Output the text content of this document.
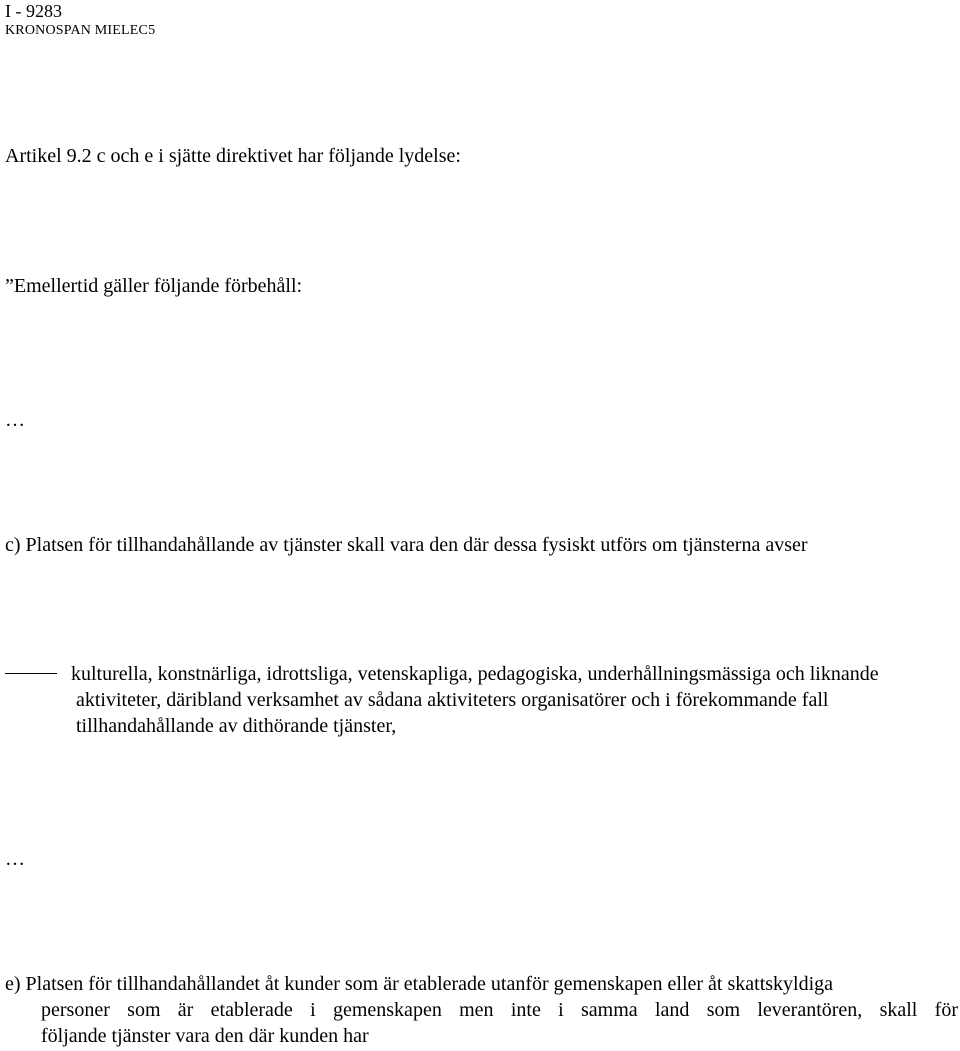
I - 9283
KRONOSPAN MIELEC5
Artikel 9.2 c och e i sjätte direktivet har följande lydelse:
”Emellertid gäller följande förbehåll:
…
c) Platsen för tillhandahållande av tjänster skall vara den där dessa fysiskt utförs om tjänsterna avser
kulturella, konstnärliga, idrottsliga, vetenskapliga, pedagogiska, underhållningsmässiga och liknande
aktiviteter, däribland verksamhet av sådana aktiviteters organisatörer och i förekommande fall
tillhandahållande av dithörande tjänster,
…
e) Platsen för tillhandahållandet åt kunder som är etablerade utanför gemenskapen eller åt skattskyldiga
personer som är etablerade i gemenskapen men inte i samma land som leverantören, skall för
följande tjänster vara den där kunden har
